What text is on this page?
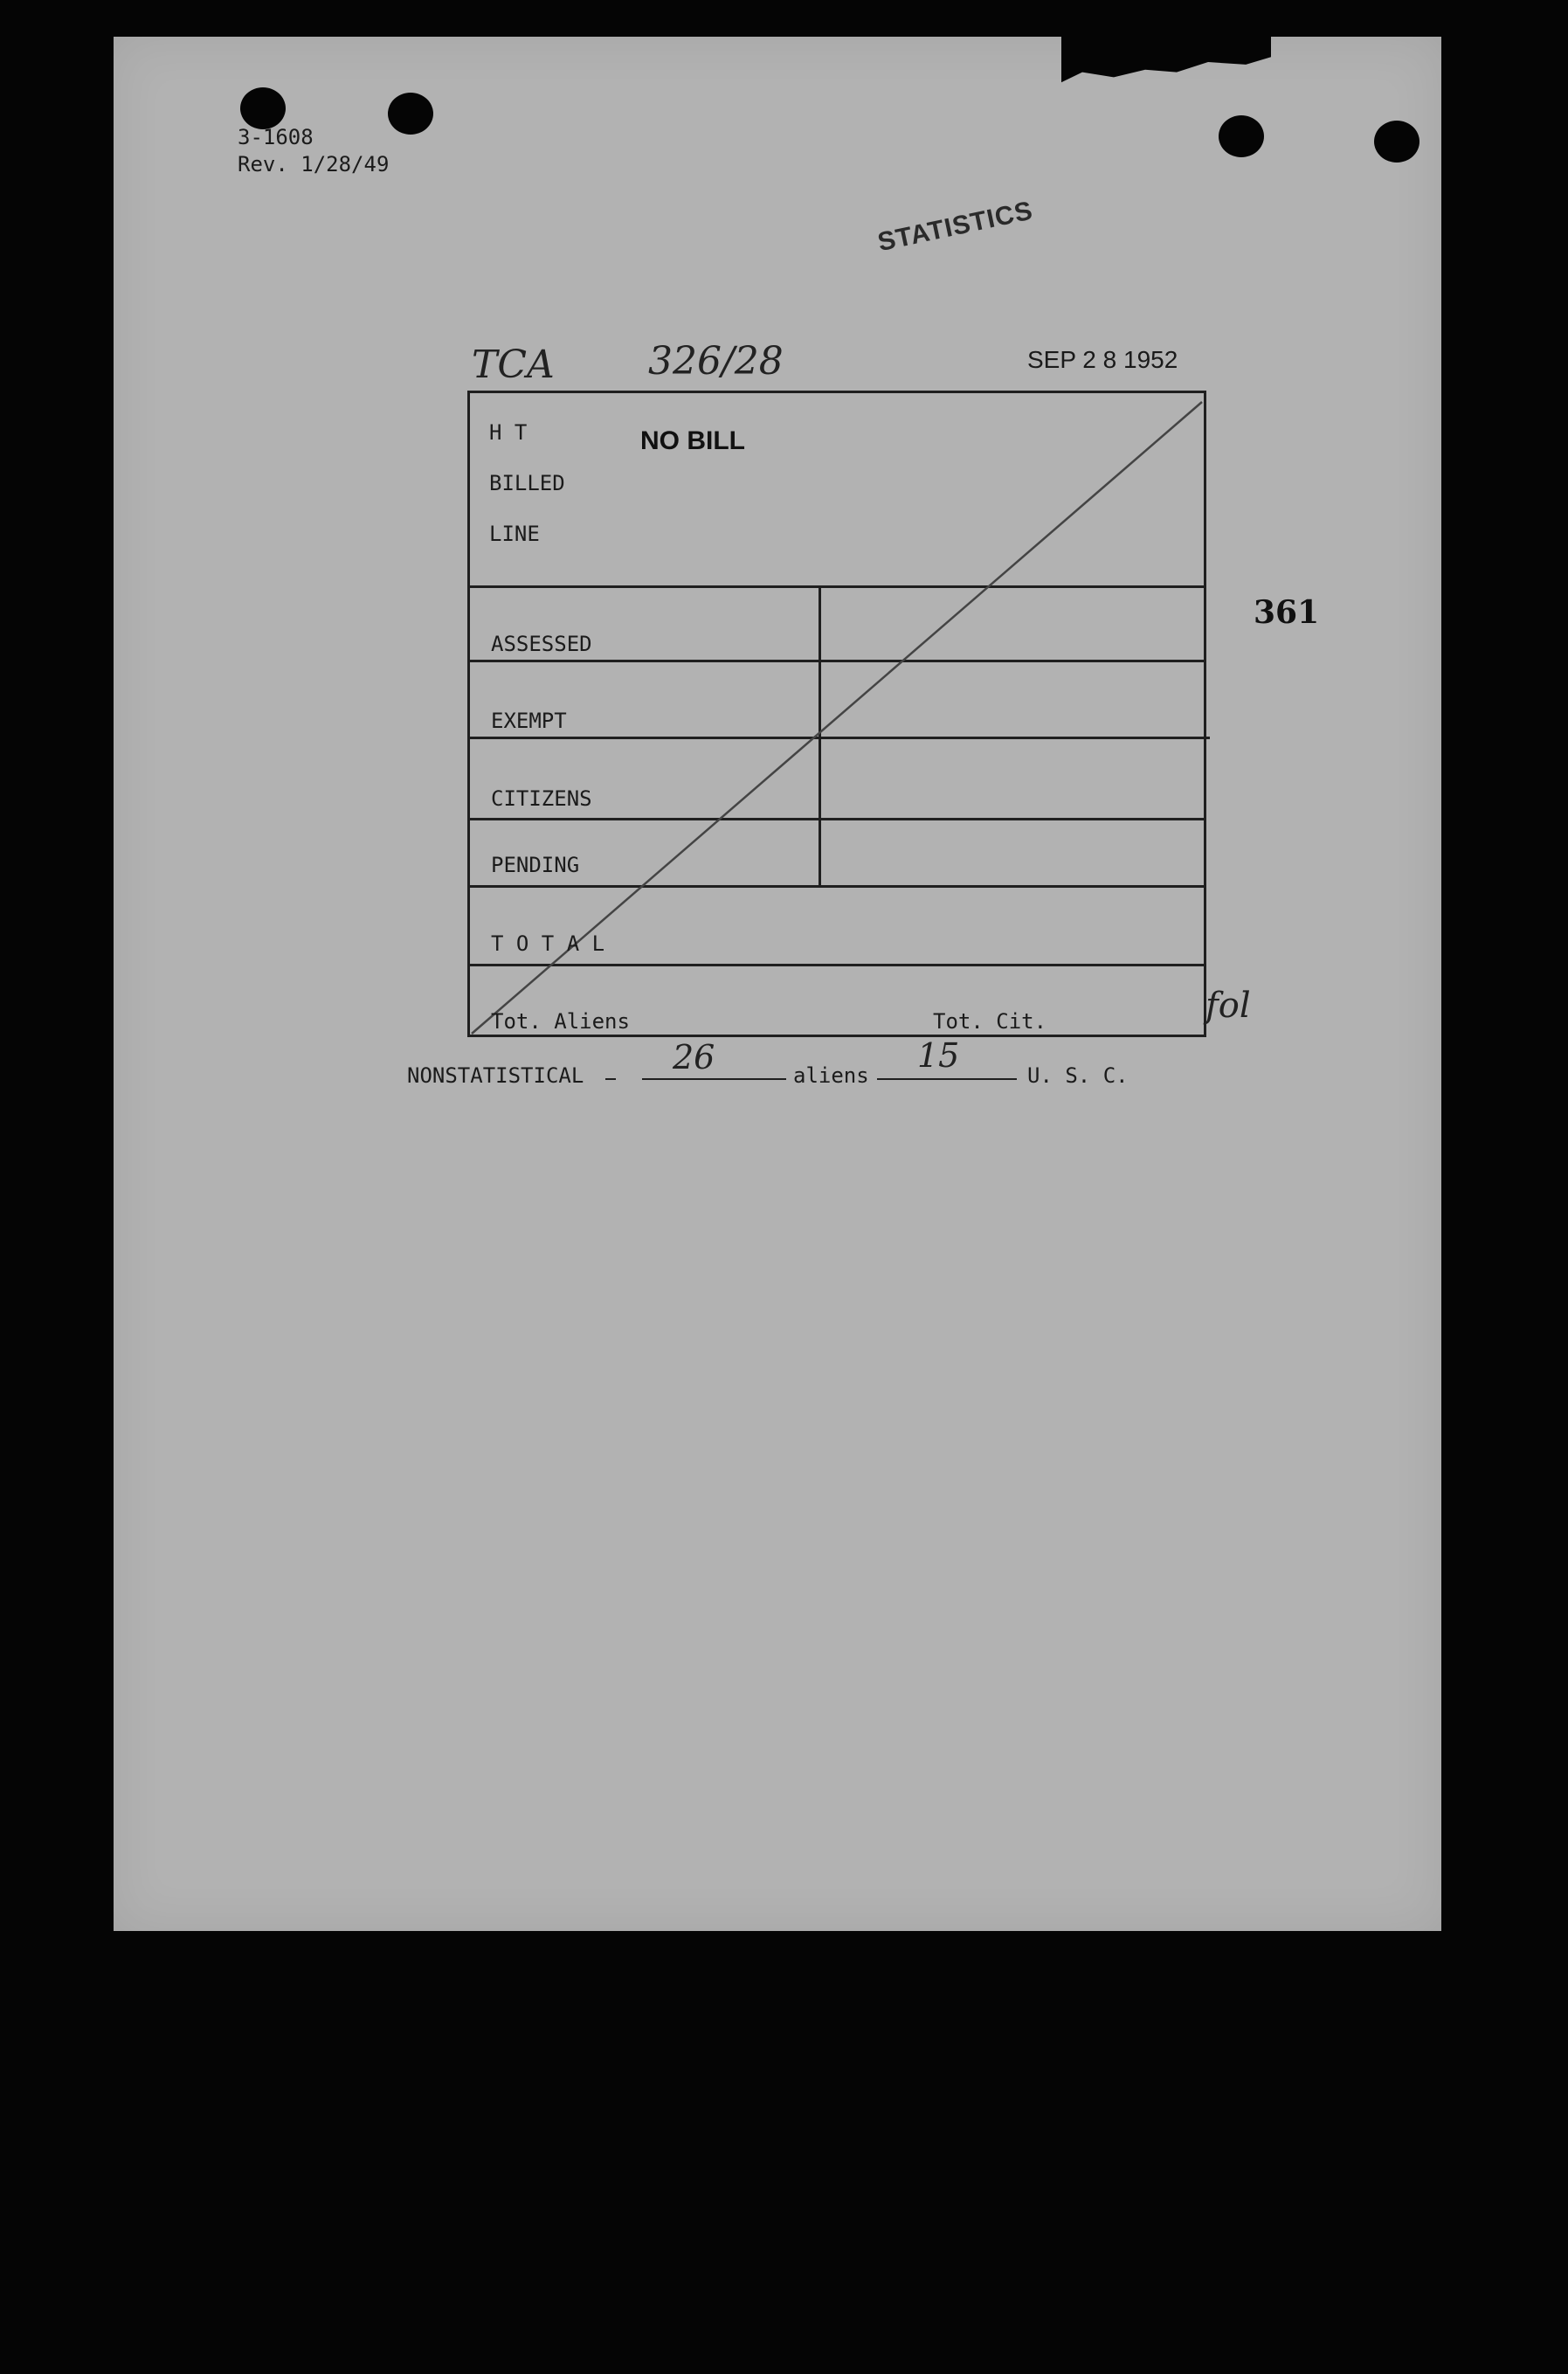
3-1608
Rev. 1/28/49
STATISTICS
TCA 326/28	SEP 2 8 1952
H T
BILLED
LINE
NO BILL
ASSESSED
EXEMPT
CITIZENS
PENDING
T O T A L
Tot. Aliens	Tot. Cit.
361
fol
NONSTATISTICAL	26	aliens
15
U. S. C.
